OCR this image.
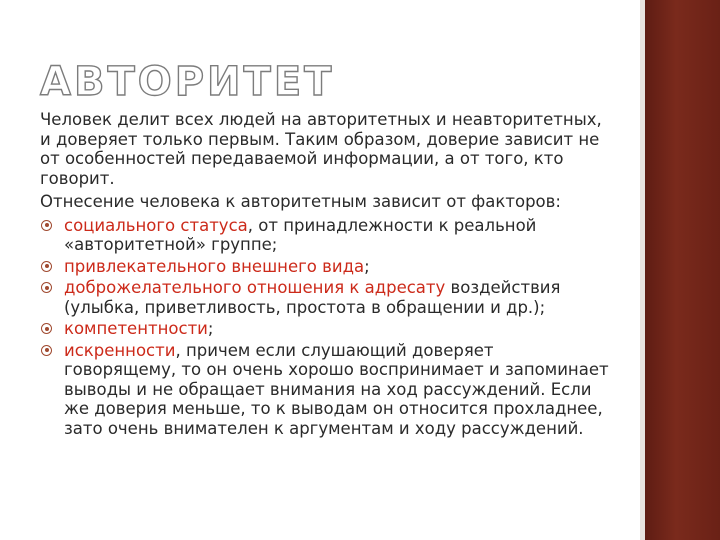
АВТОРИТЕТ

Человек делит всех людей на авторитетных и неавторитетных, и доверяет только первым. Таким образом, доверие зависит не от особенностей передаваемой информации, а от того, кто говорит.

Отнесение человека к авторитетным зависит от факторов:

социального статуса, от принадлежности к реальной «авторитетной» группе;
привлекательного внешнего вида;
доброжелательного отношения к адресату воздействия (улыбка, приветливость, простота в обращении и др.);
компетентности;
искренности, причем если слушающий доверяет говорящему, то он очень хорошо воспринимает и запоминает выводы и не обращает внимания на ход рассуждений. Если же доверия меньше, то к выводам он относится прохладнее, зато очень внимателен к аргументам и ходу рассуждений.
